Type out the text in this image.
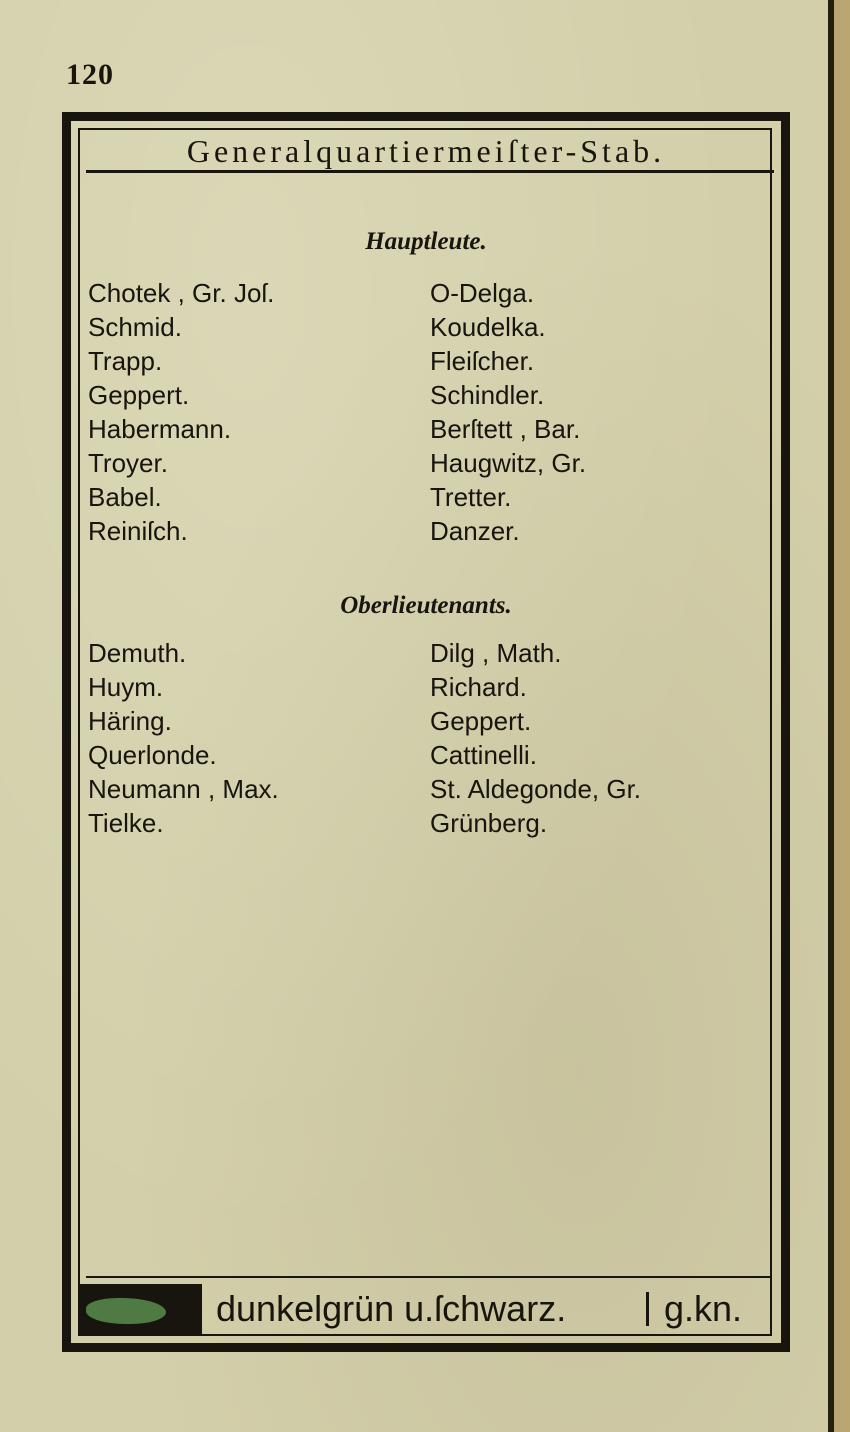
120
Generalquartiermeiſter-Stab.
Hauptleute.
Chotek , Gr. Joſ.
Schmid.
Trapp.
Geppert.
Habermann.
Troyer.
Babel.
Reiniſch.
O-Delga.
Koudelka.
Fleiſcher.
Schindler.
Berſtett , Bar.
Haugwitz, Gr.
Tretter.
Danzer.
Oberlieutenants.
Demuth.
Huym.
Häring.
Querlonde.
Neumann , Max.
Tielke.
Dilg , Math.
Richard.
Geppert.
Cattinelli.
St. Aldegonde, Gr.
Grünberg.
dunkelgrün u.ſchwarz.	g.kn.
